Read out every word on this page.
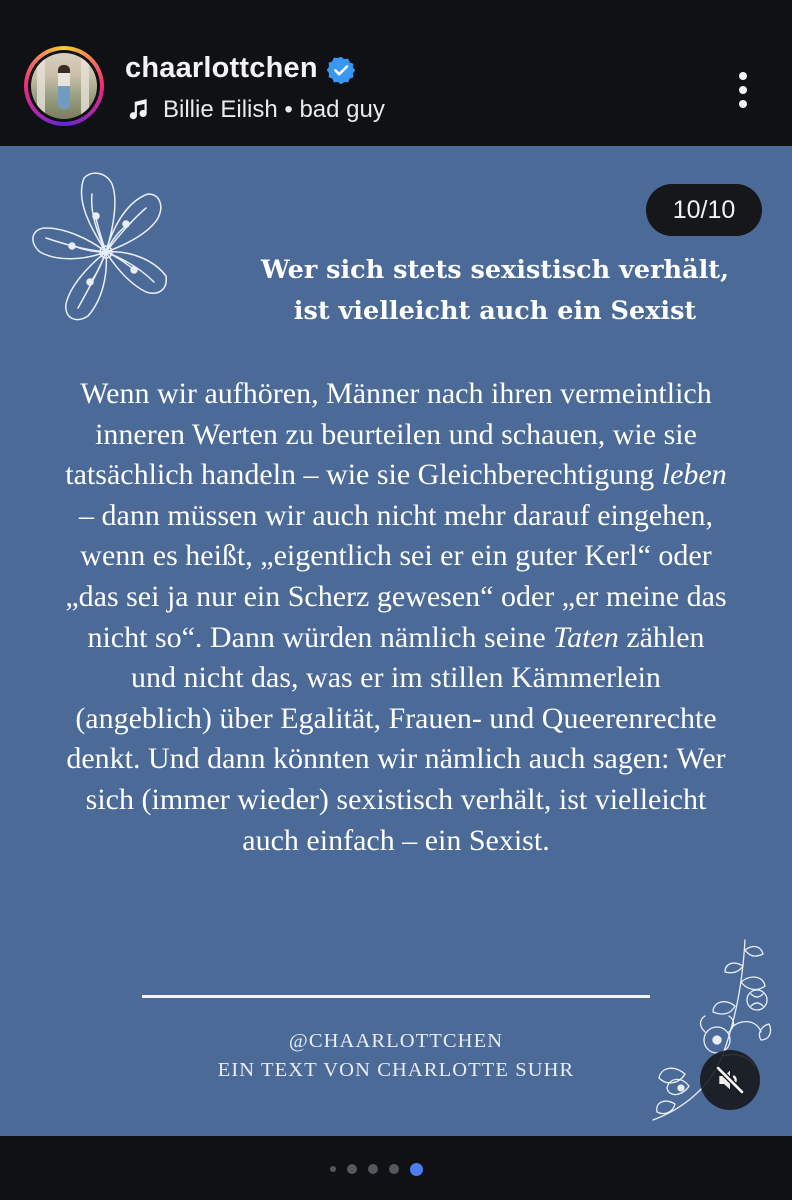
chaarlottchen
Billie Eilish • bad guy
10/10
Wer sich stets sexistisch verhält,
ist vielleicht auch ein Sexist
Wenn wir aufhören, Männer nach ihren vermeintlich inneren Werten zu beurteilen und schauen, wie sie tatsächlich handeln – wie sie Gleichberechtigung leben – dann müssen wir auch nicht mehr darauf eingehen, wenn es heißt, „eigentlich sei er ein guter Kerl“ oder „das sei ja nur ein Scherz gewesen“ oder „er meine das nicht so“. Dann würden nämlich seine Taten zählen und nicht das, was er im stillen Kämmerlein (angeblich) über Egalität, Frauen- und Queerenrechte denkt. Und dann könnten wir nämlich auch sagen: Wer sich (immer wieder) sexistisch verhält, ist vielleicht auch einfach – ein Sexist.
@CHAARLOTTCHEN
EIN TEXT VON CHARLOTTE SUHR
